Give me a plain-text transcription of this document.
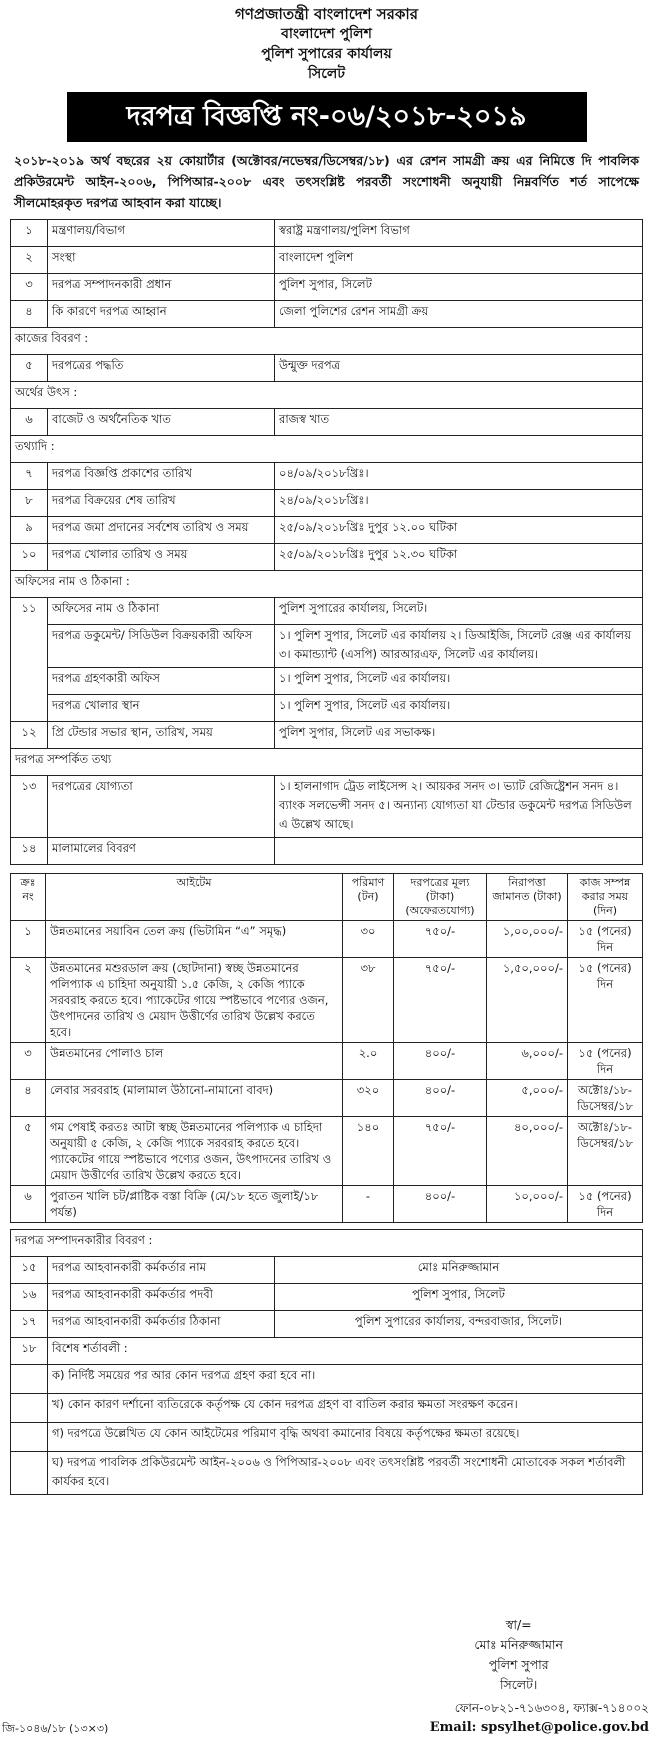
গণপ্রজাতন্ত্রী বাংলাদেশ সরকার
বাংলাদেশ পুলিশ
পুলিশ সুপারের কার্যালয়
সিলেট
দরপত্র বিজ্ঞপ্তি নং-০৬/২০১৮-২০১৯
২০১৮-২০১৯ অর্থ বছরের ২য় কোয়ার্টার (অক্টোবর/নভেম্বর/ডিসেম্বর/১৮) এর রেশন সামগ্রী ক্রয় এর নিমিত্তে দি পাবলিক প্রকিউরমেন্ট আইন-২০০৬, পিপিআর-২০০৮ এবং তৎসংশ্লিষ্ট পরবর্তী সংশোধনী অনুযায়ী নিম্নবর্ণিত শর্ত সাপেক্ষে সীলমোহরকৃত দরপত্র আহবান করা যাচ্ছে।
১	মন্ত্রণালয়/বিভাগ	স্বরাষ্ট্র মন্ত্রণালয়/পুলিশ বিভাগ
২	সংস্থা	বাংলাদেশ পুলিশ
৩	দরপত্র সম্পাদনকারী প্রধান	পুলিশ সুপার, সিলেট
৪	কি কারণে দরপত্র আহ্বান	জেলা পুলিশের রেশন সামগ্রী ক্রয়
কাজের বিবরণ :		
৫	দরপত্রের পদ্ধতি	উন্মুক্ত দরপত্র
অর্থের উৎস :		
৬	বাজেট ও অর্থনৈতিক খাত	রাজস্ব খাত
তথ্যাদি :		
৭	দরপত্র বিজ্ঞপ্তি প্রকাশের তারিখ	০৪/০৯/২০১৮খ্রিঃ।
৮	দরপত্র বিক্রয়ের শেষ তারিখ	২৪/০৯/২০১৮খ্রিঃ।
৯	দরপত্র জমা প্রদানের সর্বশেষ তারিখ ও সময়	২৫/০৯/২০১৮খ্রিঃ দুপুর ১২.০০ ঘটিকা
১০	দরপত্র খোলার তারিখ ও সময়	২৫/০৯/২০১৮খ্রিঃ দুপুর ১২.৩০ ঘটিকা
অফিসের নাম ও ঠিকানা :		
১১	অফিসের নাম ও ঠিকানা	পুলিশ সুপারের কার্যালয়, সিলেট।
	দরপত্র ডকুমেন্ট/ সিডিউল বিক্রয়কারী অফিস	১। পুলিশ সুপার, সিলেট এর কার্যালয় ২। ডিআইজি, সিলেট রেঞ্জ এর কার্যালয় ৩। কমান্ড্যান্ট (এসপি) আরআরএফ, সিলেট এর কার্যালয়।
	দরপত্র গ্রহণকারী অফিস	১। পুলিশ সুপার, সিলেট এর কার্যালয়।
	দরপত্র খোলার স্থান	১। পুলিশ সুপার, সিলেট এর কার্যালয়।
১২	প্রি টেন্ডার সভার স্থান, তারিখ, সময়	পুলিশ সুপার, সিলেট এর সভাকক্ষ।
দরপত্র সম্পর্কিত তথ্য		
১৩	দরপত্রের যোগ্যতা	১। হালনাগাদ ট্রেড লাইসেন্স ২। আয়কর সনদ ৩। ভ্যাট রেজিষ্ট্রেশন সনদ ৪। ব্যাংক সলভেন্সী সনদ ৫। অন্যান্য যোগ্যতা যা টেন্ডার ডকুমেন্ট দরপত্র সিডিউল এ উল্লেখ আছে।
১৪	মালামালের বিবরণ	
ক্রঃ নং	আইটেম	পরিমাণ (টন)	দরপত্রের মূল্য (টাকা) (অফেরতযোগ্য)	নিরাপত্তা জামানত (টাকা)	কাজ সম্পন্ন করার সময় (দিন)
১	উন্নতমানের সয়াবিন তেল ক্রয় (ভিটামিন “এ” সমৃদ্ধ)	৩০	৭৫০/-	১,০০,০০০/-	১৫ (পনের) দিন
২	উন্নতমানের মশুরডাল ক্রয় (ছোটদানা) স্বচ্ছ উন্নতমানের পলিপ্যাক এ চাহিদা অনুযায়ী ১.৫ কেজি, ২ কেজি প্যাকে সরবরাহ করতে হবে। প্যাকেটের গায়ে স্পষ্টভাবে পণ্যের ওজন, উৎপাদনের তারিখ ও মেয়াদ উত্তীর্ণের তারিখ উল্লেখ করতে হবে।	৩৮	৭৫০/-	১,৫০,০০০/-	১৫ (পনের) দিন
৩	উন্নতমানের পোলাও চাল	২.০	৪০০/-	৬,০০০/-	১৫ (পনের) দিন
৪	লেবার সরবরাহ (মালামাল উঠানো-নামানো বাবদ)	৩২০	৪০০/-	৫,০০০/-	অক্টোঃ/১৮-ডিসেম্বর/১৮
৫	গম পেষাই করতঃ আটা স্বচ্ছ উন্নতমানের পলিপ্যাক এ চাহিদা অনুযায়ী ৫ কেজি, ২ কেজি প্যাকে সরবরাহ করতে হবে। প্যাকেটের গায়ে স্পষ্টভাবে পণ্যের ওজন, উৎপাদনের তারিখ ও মেয়াদ উত্তীর্ণের তারিখ উল্লেখ করতে হবে।	১৪০	৭৫০/-	৪০,০০০/-	অক্টোঃ/১৮-ডিসেম্বর/১৮
৬	পুরাতন খালি চট/প্লাষ্টিক বস্তা বিক্রি (মে/১৮ হতে জুলাই/১৮ পর্যন্ত)	-	৪০০/-	১০,০০০/-	১৫ (পনের) দিন
দরপত্র সম্পাদনকারীর বিবরণ :		
১৫	দরপত্র আহবানকারী কর্মকর্তার নাম	মোঃ মনিরুজ্জামান
১৬	দরপত্র আহবানকারী কর্মকর্তার পদবী	পুলিশ সুপার, সিলেট
১৭	দরপত্র আহবানকারী কর্মকর্তার ঠিকানা	পুলিশ সুপারের কার্যালয়, বন্দরবাজার, সিলেট।
১৮	বিশেষ শর্তাবলী :	
	ক) নির্দিষ্ট সময়ের পর আর কোন দরপত্র গ্রহণ করা হবে না।	
	খ) কোন কারণ দর্শানো ব্যতিরেকে কর্তৃপক্ষ যে কোন দরপত্র গ্রহণ বা বাতিল করার ক্ষমতা সংরক্ষণ করেন।	
	গ) দরপত্রে উল্লেখিত যে কোন আইটেমের পরিমাণ বৃদ্ধি অথবা কমানোর বিষয়ে কর্তৃপক্ষের ক্ষমতা রয়েছে।	
	ঘ) দরপত্র পাবলিক প্রকিউরমেন্ট আইন-২০০৬ ও পিপিআর-২০০৮ এবং তৎসংশ্লিষ্ট পরবর্তী সংশোধনী মোতাবেক সকল শর্তাবলী কার্যকর হবে।	
স্বা/=
মোঃ মনিরুজ্জামান
পুলিশ সুপার
সিলেট।
জি-১০৪৬/১৮ (১৩×৩)
ফোন-০৮২১-৭১৬৩০৪, ফ্যাক্স-৭১৪০০২
Email: spsylhet@police.gov.bd
